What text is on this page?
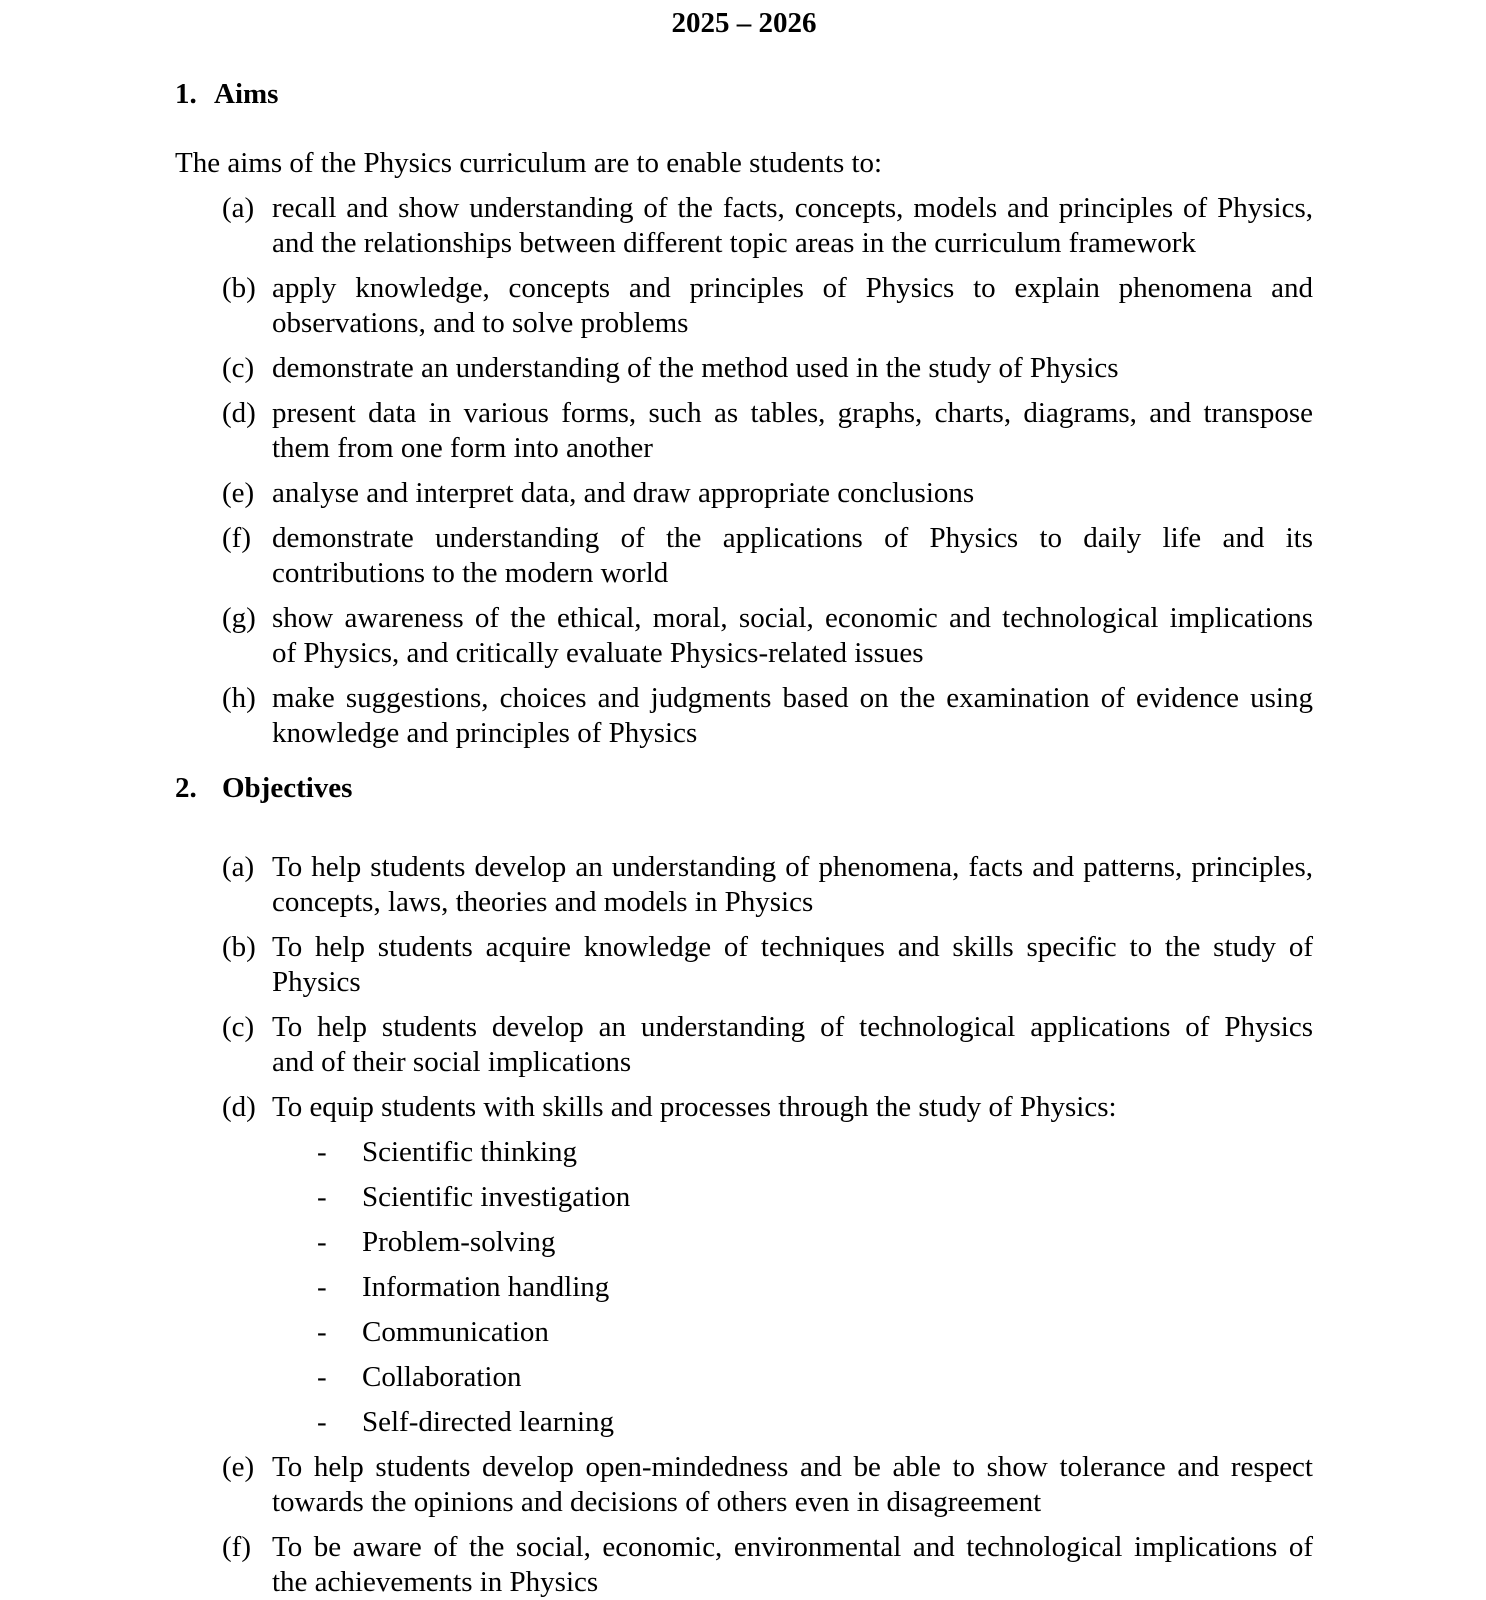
2025 – 2026
1. Aims
The aims of the Physics curriculum are to enable students to:
(a) recall and show understanding of the facts, concepts, models and principles of Physics,
and the relationships between different topic areas in the curriculum framework
(b) apply knowledge, concepts and principles of Physics to explain phenomena and
observations, and to solve problems
(c) demonstrate an understanding of the method used in the study of Physics
(d) present data in various forms, such as tables, graphs, charts, diagrams, and transpose
them from one form into another
(e) analyse and interpret data, and draw appropriate conclusions
(f) demonstrate understanding of the applications of Physics to daily life and its
contributions to the modern world
(g) show awareness of the ethical, moral, social, economic and technological implications
of Physics, and critically evaluate Physics-related issues
(h) make suggestions, choices and judgments based on the examination of evidence using
knowledge and principles of Physics
2. Objectives
(a) To help students develop an understanding of phenomena, facts and patterns, principles,
concepts, laws, theories and models in Physics
(b) To help students acquire knowledge of techniques and skills specific to the study of
Physics
(c) To help students develop an understanding of technological applications of Physics
and of their social implications
(d) To equip students with skills and processes through the study of Physics:
-	Scientific thinking
-	Scientific investigation
-	Problem-solving
-	Information handling
-	Communication
-	Collaboration
-	Self-directed learning
(e) To help students develop open-mindedness and be able to show tolerance and respect
towards the opinions and decisions of others even in disagreement
(f) To be aware of the social, economic, environmental and technological implications of
the achievements in Physics
